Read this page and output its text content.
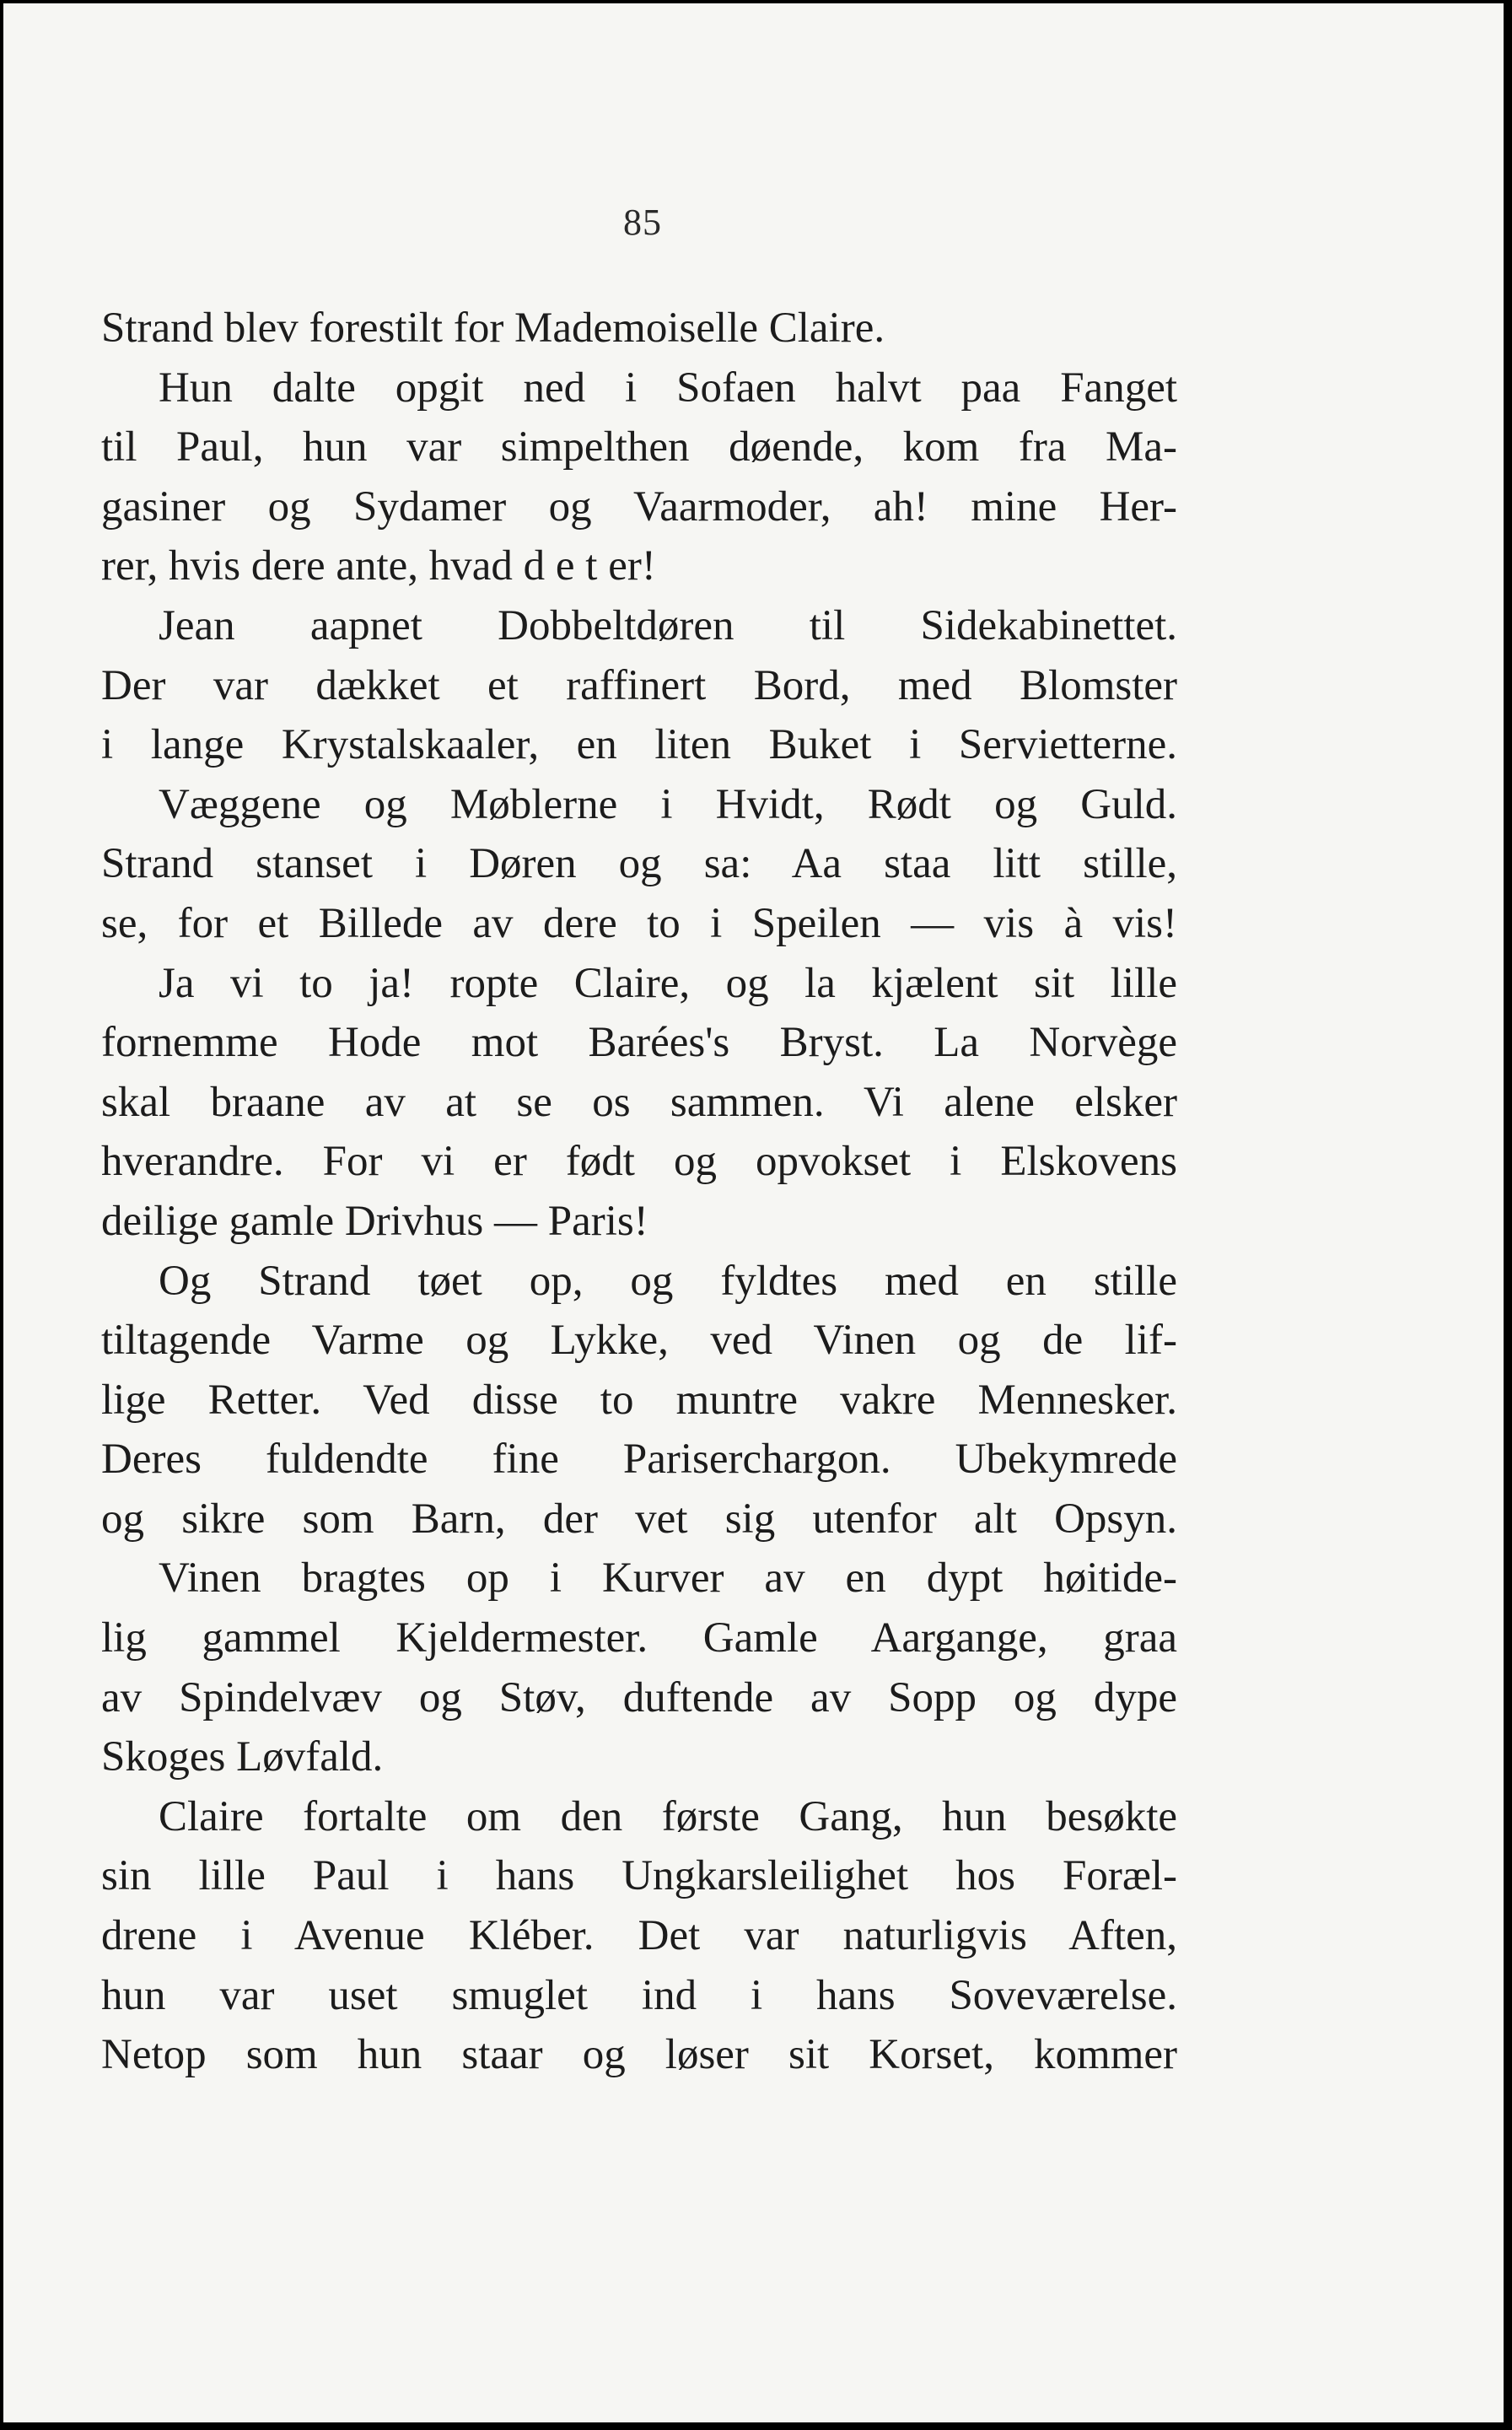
85
Strand blev forestilt for Mademoiselle Claire.
Hun dalte opgit ned i Sofaen halvt paa Fanget
til Paul, hun var simpelthen døende, kom fra Ma-
gasiner og Sydamer og Vaarmoder, ah! mine Her-
rer, hvis dere ante, hvad d e t er!
Jean aapnet Dobbeltdøren til Sidekabinettet.
Der var dækket et raffinert Bord, med Blomster
i lange Krystalskaaler, en liten Buket i Servietterne.
Væggene og Møblerne i Hvidt, Rødt og Guld.
Strand stanset i Døren og sa: Aa staa litt stille,
se, for et Billede av dere to i Speilen — vis à vis!
Ja vi to ja! ropte Claire, og la kjælent sit lille
fornemme Hode mot Barées's Bryst. La Norvège
skal braane av at se os sammen. Vi alene elsker
hverandre. For vi er født og opvokset i Elskovens
deilige gamle Drivhus — Paris!
Og Strand tøet op, og fyldtes med en stille
tiltagende Varme og Lykke, ved Vinen og de lif-
lige Retter. Ved disse to muntre vakre Mennesker.
Deres fuldendte fine Pariserchargon. Ubekymrede
og sikre som Barn, der vet sig utenfor alt Opsyn.
Vinen bragtes op i Kurver av en dypt høitide-
lig gammel Kjeldermester. Gamle Aargange, graa
av Spindelvæv og Støv, duftende av Sopp og dype
Skoges Løvfald.
Claire fortalte om den første Gang, hun besøkte
sin lille Paul i hans Ungkarsleilighet hos Foræl-
drene i Avenue Kléber. Det var naturligvis Aften,
hun var uset smuglet ind i hans Soveværelse.
Netop som hun staar og løser sit Korset, kommer
